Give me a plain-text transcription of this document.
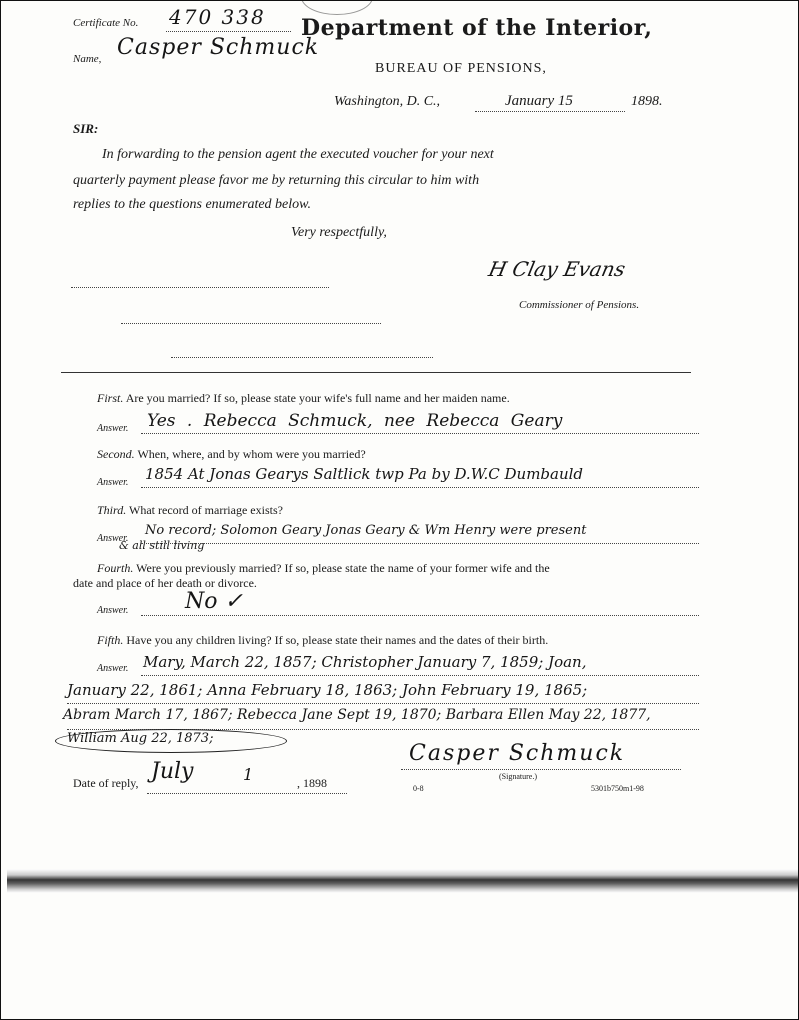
Certificate No. 470 338
Name, Casper Schmuck
Department of the Interior,
BUREAU OF PENSIONS,
Washington, D. C.,	January 15	1898.
SIR:
In forwarding to the pension agent the executed voucher for your next
quarterly payment please favor me by returning this circular to him with
replies to the questions enumerated below.
Very respectfully,
H Clay Evans
Commissioner of Pensions.
First. Are you married? If so, please state your wife's full name and her maiden name.
Answer. Yes . Rebecca Schmuck, nee Rebecca Geary
Second. When, where, and by whom were you married?
Answer. 1854 At Jonas Gearys Saltlick twp Pa by D.W.C Dumbauld
Third. What record of marriage exists?
Answer.
No record; Solomon Geary Jonas Geary & Wm Henry were present
& all still living
Fourth. Were you previously married? If so, please state the name of your former wife and the
date and place of her death or divorce.
Answer.	No ✓
Fifth. Have you any children living? If so, please state their names and the dates of their birth.
Answer. Mary, March 22, 1857; Christopher January 7, 1859; Joan,
January 22, 1861; Anna February 18, 1863; John February 19, 1865;
Abram March 17, 1867; Rebecca Jane Sept 19, 1870; Barbara Ellen May 22, 1877,
William Aug 22, 1873;
Date of reply, July	1	, 1898
Casper Schmuck
(Signature.)
0-8	5301b750m1-98
